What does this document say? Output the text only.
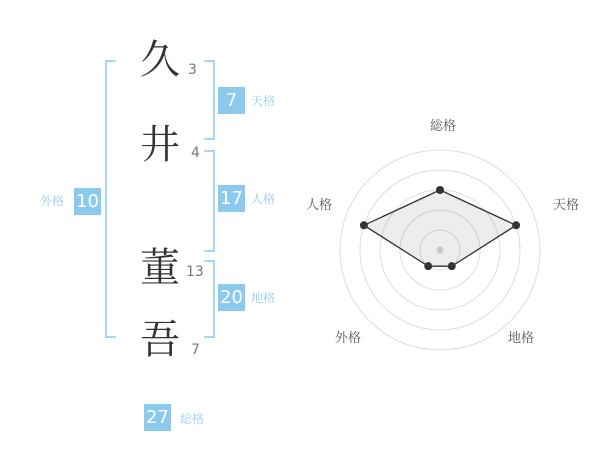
久
井
董
吾
3
4
13
7
7	天格
17 人格
20 地格
外格 10
27 総格
総格
天格
地格
外格
人格
